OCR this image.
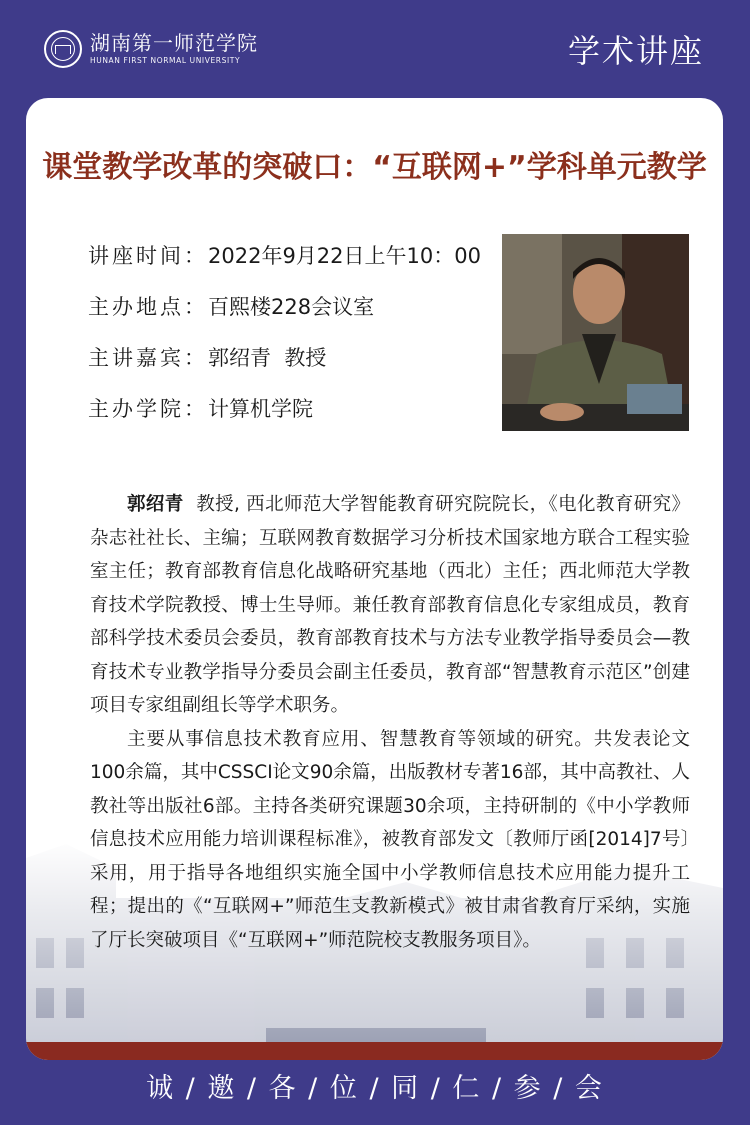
湖南第一师范学院
HUNAN FIRST NORMAL UNIVERSITY	学术讲座
课堂教学改革的突破口：“互联网+”学科单元教学
讲座时间：2022年9月22日上午10：00
主办地点：百熙楼228会议室
主讲嘉宾：郭绍青  教授
主办学院：计算机学院

郭绍青  教授, 西北师范大学智能教育研究院院长，《电化教育研究》杂志社社长、主编；互联网教育数据学习分析技术国家地方联合工程实验室主任；教育部教育信息化战略研究基地（西北）主任；西北师范大学教育技术学院教授、博士生导师。兼任教育部教育信息化专家组成员，教育部科学技术委员会委员，教育部教育技术与方法专业教学指导委员会—教育技术专业教学指导分委员会副主任委员，教育部“智慧教育示范区”创建项目专家组副组长等学术职务。

主要从事信息技术教育应用、智慧教育等领域的研究。共发表论文100余篇，其中CSSCI论文90余篇，出版教材专著16部，其中高教社、人教社等出版社6部。主持各类研究课题30余项，主持研制的《中小学教师信息技术应用能力培训课程标准》，被教育部发文〔教师厅函[2014]7号〕采用，用于指导各地组织实施全国中小学教师信息技术应用能力提升工程；提出的《“互联网+”师范生支教新模式》被甘肃省教育厅采纳，实施了厅长突破项目《“互联网+”师范院校支教服务项目》。

诚 / 邀 / 各 / 位 / 同 / 仁 / 参 / 会
